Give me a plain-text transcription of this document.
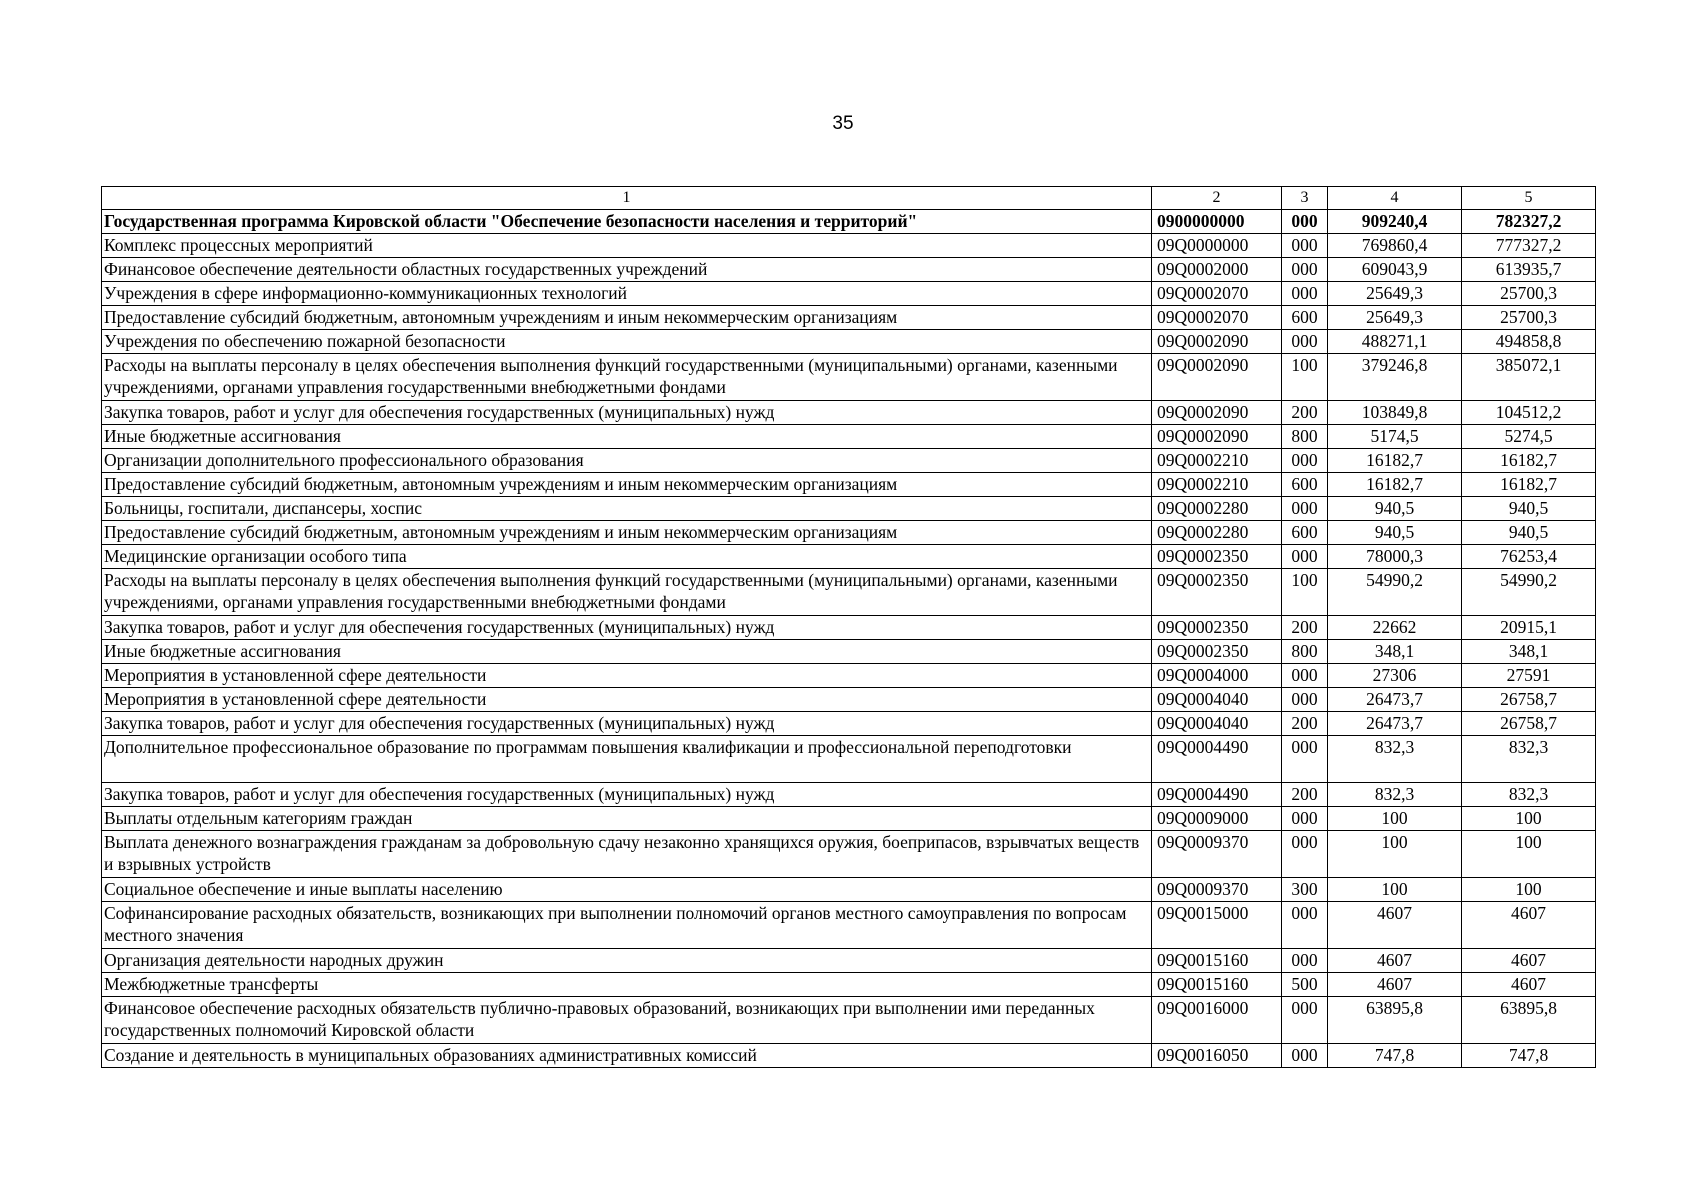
35
1	2	3	4	5
Государственная программа Кировской области "Обеспечение безопасности населения и территорий"	0900000000	000	909240,4	782327,2
Комплекс процессных мероприятий	09Q0000000	000	769860,4	777327,2
Финансовое обеспечение деятельности областных государственных учреждений	09Q0002000	000	609043,9	613935,7
Учреждения в сфере информационно-коммуникационных технологий	09Q0002070	000	25649,3	25700,3
Предоставление субсидий бюджетным, автономным учреждениям и иным некоммерческим организациям	09Q0002070	600	25649,3	25700,3
Учреждения по обеспечению пожарной безопасности	09Q0002090	000	488271,1	494858,8
Расходы на выплаты персоналу в целях обеспечения выполнения функций государственными (муниципальными) органами, казенными учреждениями, органами управления государственными внебюджетными фондами	09Q0002090	100	379246,8	385072,1
Закупка товаров, работ и услуг для обеспечения государственных (муниципальных) нужд	09Q0002090	200	103849,8	104512,2
Иные бюджетные ассигнования	09Q0002090	800	5174,5	5274,5
Организации дополнительного профессионального образования	09Q0002210	000	16182,7	16182,7
Предоставление субсидий бюджетным, автономным учреждениям и иным некоммерческим организациям	09Q0002210	600	16182,7	16182,7
Больницы, госпитали, диспансеры, хоспис	09Q0002280	000	940,5	940,5
Предоставление субсидий бюджетным, автономным учреждениям и иным некоммерческим организациям	09Q0002280	600	940,5	940,5
Медицинские организации особого типа	09Q0002350	000	78000,3	76253,4
Расходы на выплаты персоналу в целях обеспечения выполнения функций государственными (муниципальными) органами, казенными учреждениями, органами управления государственными внебюджетными фондами	09Q0002350	100	54990,2	54990,2
Закупка товаров, работ и услуг для обеспечения государственных (муниципальных) нужд	09Q0002350	200	22662	20915,1
Иные бюджетные ассигнования	09Q0002350	800	348,1	348,1
Мероприятия в установленной сфере деятельности	09Q0004000	000	27306	27591
Мероприятия в установленной сфере деятельности	09Q0004040	000	26473,7	26758,7
Закупка товаров, работ и услуг для обеспечения государственных (муниципальных) нужд	09Q0004040	200	26473,7	26758,7
Дополнительное профессиональное образование по программам повышения квалификации и профессиональной переподготовки	09Q0004490	000	832,3	832,3
Закупка товаров, работ и услуг для обеспечения государственных (муниципальных) нужд	09Q0004490	200	832,3	832,3
Выплаты отдельным категориям граждан	09Q0009000	000	100	100
Выплата денежного вознаграждения гражданам за добровольную сдачу незаконно хранящихся оружия, боеприпасов, взрывчатых веществ и взрывных устройств	09Q0009370	000	100	100
Социальное обеспечение и иные выплаты населению	09Q0009370	300	100	100
Софинансирование расходных обязательств, возникающих при выполнении полномочий органов местного самоуправления по вопросам местного значения	09Q0015000	000	4607	4607
Организация деятельности народных дружин	09Q0015160	000	4607	4607
Межбюджетные трансферты	09Q0015160	500	4607	4607
Финансовое обеспечение расходных обязательств публично-правовых образований, возникающих при выполнении ими переданных государственных полномочий Кировской области	09Q0016000	000	63895,8	63895,8
Создание и деятельность в муниципальных образованиях административных комиссий	09Q0016050	000	747,8	747,8
